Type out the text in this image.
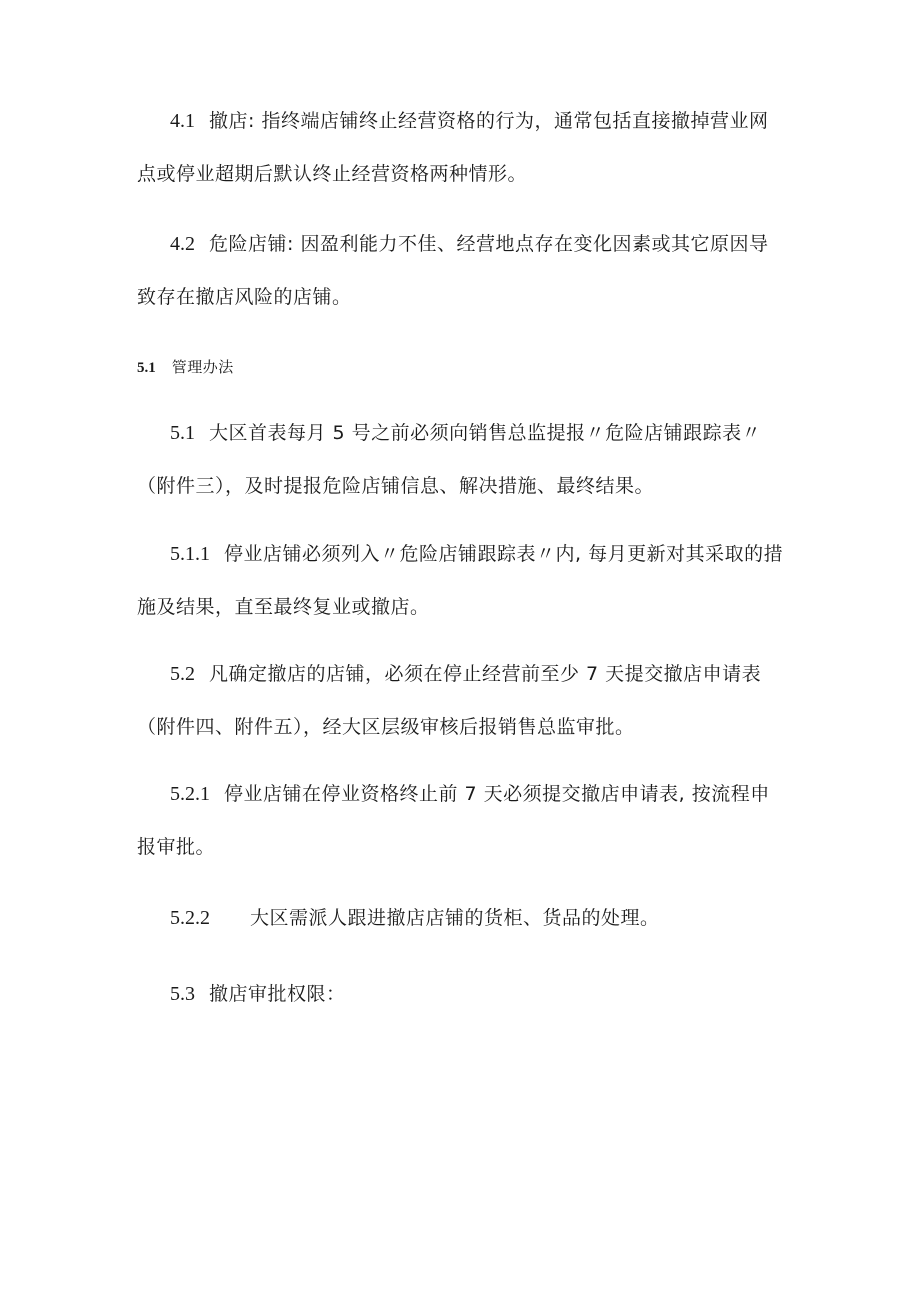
4.1 撤店: 指终端店铺终止经营资格的行为，通常包括直接撤掉营业网点或停业超期后默认终止经营资格两种情形。

4.2 危险店铺: 因盈利能力不佳、经营地点存在变化因素或其它原因导致存在撤店风险的店铺。

5.1 管理办法

5.1 大区首表每月 5 号之前必须向销售总监提报〃危险店铺跟踪表〃（附件三），及时提报危险店铺信息、解决措施、最终结果。

5.1.1 停业店铺必须列入〃危险店铺跟踪表〃内, 每月更新对其采取的措施及结果，直至最终复业或撤店。

5.2 凡确定撤店的店铺，必须在停止经营前至少 7 天提交撤店申请表（附件四、附件五），经大区层级审核后报销售总监审批。

5.2.1 停业店铺在停业资格终止前 7 天必须提交撤店申请表, 按流程申报审批。

5.2.2 大区需派人跟进撤店店铺的货柜、货品的处理。

5.3 撤店审批权限：
